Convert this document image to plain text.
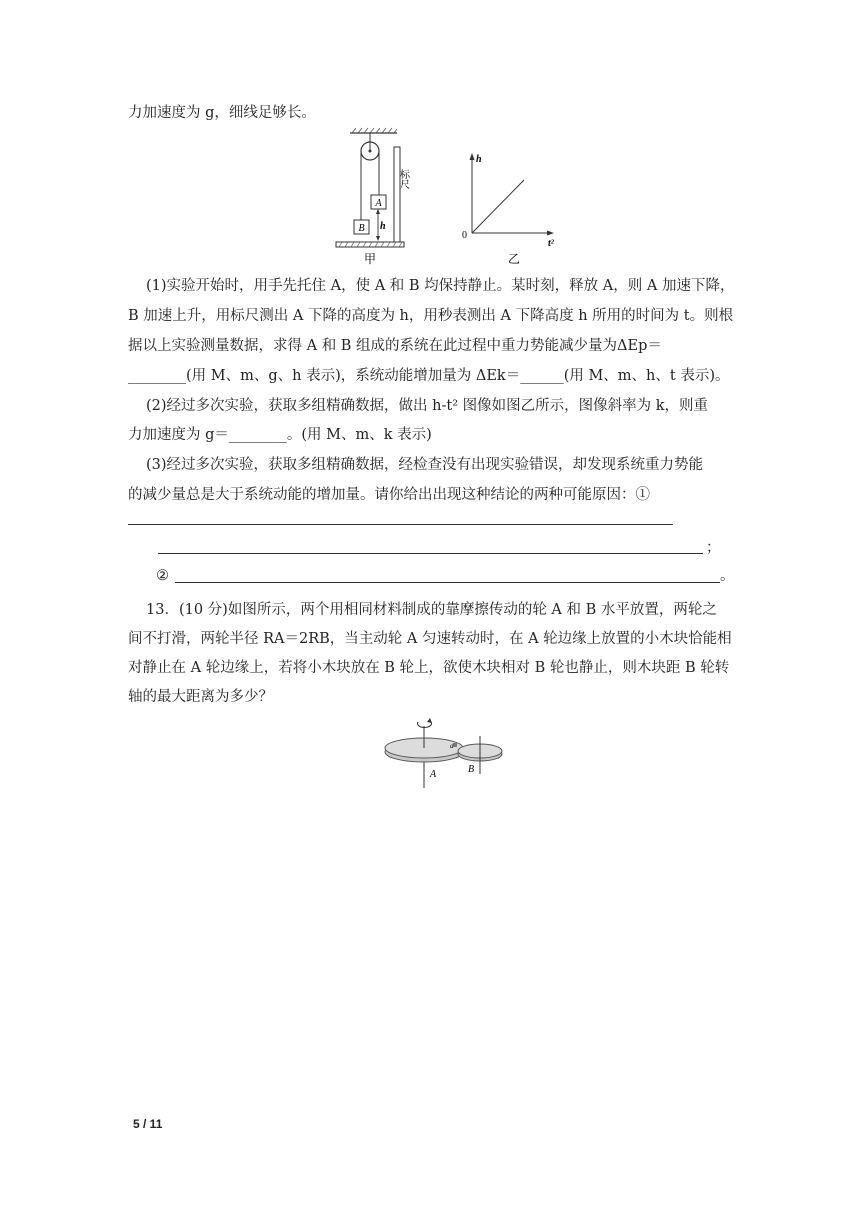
力加速度为 g，细线足够长。
A
B h
标尺
甲
h
t²
0
乙
(1)实验开始时，用手先托住 A，使 A 和 B 均保持静止。某时刻，释放 A，则 A 加速下降，
B 加速上升，用标尺测出 A 下降的高度为 h，用秒表测出 A 下降高度 h 所用的时间为 t。则根
据以上实验测量数据，求得 A 和 B 组成的系统在此过程中重力势能减少量为ΔEp＝
________(用 M、m、g、h 表示)，系统动能增加量为 ΔEk＝______(用 M、m、h、t 表示)。
(2)经过多次实验，获取多组精确数据，做出 h-t² 图像如图乙所示，图像斜率为 k，则重
力加速度为 g＝________。(用 M、m、k 表示)
(3)经过多次实验，获取多组精确数据，经检查没有出现实验错误，却发现系统重力势能
的减少量总是大于系统动能的增加量。请你给出出现这种结论的两种可能原因：①
；
②	。
13．(10 分)如图所示，两个用相同材料制成的靠摩擦传动的轮 A 和 B 水平放置，两轮之
间不打滑，两轮半径 RA＝2RB，当主动轮 A 匀速转动时，在 A 轮边缘上放置的小木块恰能相
对静止在 A 轮边缘上，若将小木块放在 B 轮上，欲使木块相对 B 轮也静止，则木块距 B 轮转
轴的最大距离为多少？
a
A	B
5 / 11
